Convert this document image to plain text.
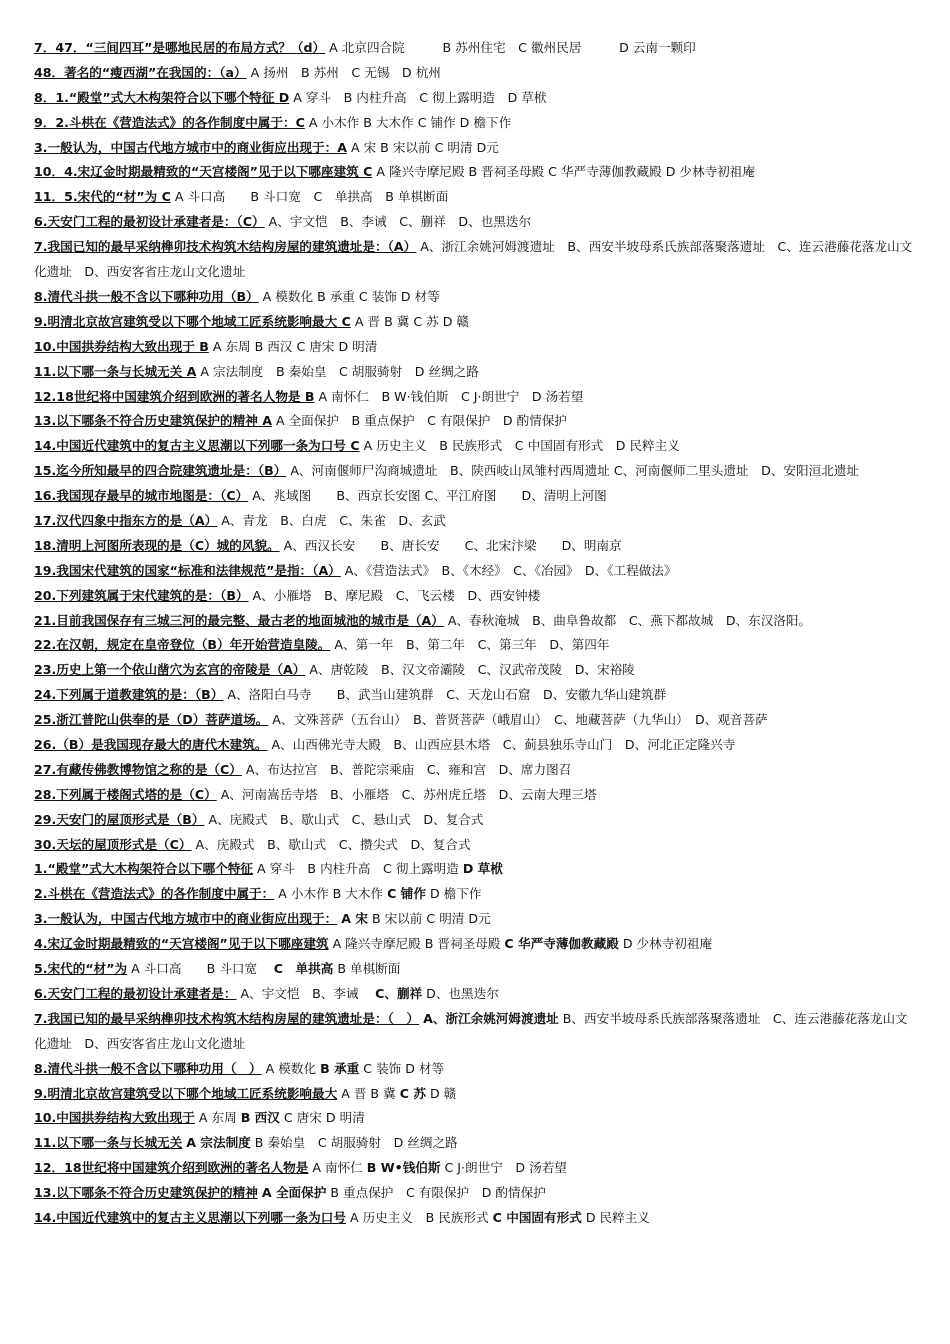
7．47．“三间四耳”是哪地民居的布局方式？（d） A 北京四合院　　　B 苏州住宅　C 徽州民居　　　D 云南一颗印
48．著名的“瘦西湖”在我国的：（a） A 扬州　B 苏州　C 无锡　D 杭州
8．1.“殿堂”式大木构架符合以下哪个特征 D A 穿斗　B 内柱升高　C 彻上露明造　D 草栿
9．2.斗栱在《营造法式》的各作制度中属于：C A 小木作 B 大木作 C 铺作 D 檐下作
3.一般认为，中国古代地方城市中的商业街应出现于：A A 宋 B 宋以前 C 明清 D元
10．4.宋辽金时期最精致的“天宫楼阁”见于以下哪座建筑 C A 隆兴寺摩尼殿 B 晋祠圣母殿 C 华严寺薄伽教藏殿 D 少林寺初祖庵
11．5.宋代的“材”为 C A 斗口高　　B 斗口宽　C　单拱高　B 单棋断面
6.天安门工程的最初设计承建者是：（C） A、宇文恺　B、李诫　C、蒯祥　D、也黑迭尔
7.我国已知的最早采纳榫卯技术构筑木结构房屋的建筑遗址是：（A） A、浙江余姚河姆渡遗址　B、西安半坡母系氏族部落聚落遗址　C、连云港藤花落龙山文化遗址　D、西安客省庄龙山文化遗址
8.清代斗拱一般不含以下哪种功用（B） A 模数化 B 承重 C 装饰 D 材等
9.明清北京故宫建筑受以下哪个地域工匠系统影响最大 C A 晋 B 冀 C 苏 D 赣
10.中国拱券结构大致出现于 B A 东周 B 西汉 C 唐宋 D 明清
11.以下哪一条与长城无关 A A 宗法制度　B 秦始皇　C 胡服骑射　D 丝绸之路
12.18世纪将中国建筑介绍到欧洲的著名人物是 B A 南怀仁　B W·钱伯斯　C J·朗世宁　D 汤若望
13.以下哪条不符合历史建筑保护的精神 A A 全面保护　B 重点保护　C 有限保护　D 酌情保护
14.中国近代建筑中的复古主义思潮以下列哪一条为口号 C A 历史主义　B 民族形式　C 中国固有形式　D 民粹主义
15.迄今所知最早的四合院建筑遗址是：（B） A、河南偃师尸沟商城遗址　B、陕西岐山凤雏村西周遗址 C、河南偃师二里头遗址　D、安阳洹北遗址
16.我国现存最早的城市地图是：（C） A、兆域图　　B、西京长安图 C、平江府图　　D、清明上河图
17.汉代四象中指东方的是（A） A、青龙　B、白虎　C、朱雀　D、玄武
18.清明上河图所表现的是（C）城的风貌。 A、西汉长安　　B、唐长安　　C、北宋汴梁　　D、明南京
19.我国宋代建筑的国家“标准和法律规范”是指：（A） A、《营造法式》　B、《木经》　C、《冶园》　D、《工程做法》
20.下列建筑属于宋代建筑的是：（B） A、小雁塔　B、摩尼殿　C、飞云楼　D、西安钟楼
21.目前我国保存有三城三河的最完整、最古老的地面城池的城市是（A） A、春秋淹城　B、曲阜鲁故都　C、燕下都故城　D、东汉洛阳。
22.在汉朝，规定在皇帝登位（B）年开始营造皇陵。 A、第一年　B、第二年　C、第三年　D、第四年
23.历史上第一个依山凿穴为玄宫的帝陵是（A） A、唐乾陵　B、汉文帝灞陵　C、汉武帝茂陵　D、宋裕陵
24.下列属于道教建筑的是：（B） A、洛阳白马寺　　B、武当山建筑群　C、天龙山石窟　D、安徽九华山建筑群
25.浙江普陀山供奉的是（D）菩萨道场。 A、文殊菩萨（五台山）　B、普贤菩萨（峨眉山）　C、地藏菩萨（九华山）　D、观音菩萨
26.（B）是我国现存最大的唐代木建筑。 A、山西佛光寺大殿　B、山西应县木塔　C、蓟县独乐寺山门　D、河北正定隆兴寺
27.有藏传佛教博物馆之称的是（C） A、布达拉宫　B、普陀宗乘庙　C、雍和宫　D、席力图召
28.下列属于楼阁式塔的是（C） A、河南嵩岳寺塔　B、小雁塔　C、苏州虎丘塔　D、云南大理三塔
29.天安门的屋顶形式是（B） A、庑殿式　B、歇山式　C、悬山式　D、复合式
30.天坛的屋顶形式是（C） A、庑殿式　B、歇山式　C、攒尖式　D、复合式
1.“殿堂”式大木构架符合以下哪个特征 A 穿斗　B 内柱升高　C 彻上露明造 D 草栿
2.斗栱在《营造法式》的各作制度中属于： A 小木作 B 大木作 C 铺作 D 檐下作
3.一般认为，中国古代地方城市中的商业街应出现于： A 宋 B 宋以前 C 明清 D元
4.宋辽金时期最精致的“天宫楼阁”见于以下哪座建筑 A 隆兴寺摩尼殿 B 晋祠圣母殿 C 华严寺薄伽教藏殿 D 少林寺初祖庵
5.宋代的“材”为 A 斗口高　　B 斗口宽　 C　单拱高 B 单棋断面
6.天安门工程的最初设计承建者是： A、宇文恺　B、李诫　 C、蒯祥 D、也黑迭尔
7.我国已知的最早采纳榫卯技术构筑木结构房屋的建筑遗址是：（　） A、浙江余姚河姆渡遗址 B、西安半坡母系氏族部落聚落遗址　C、连云港藤花落龙山文化遗址　D、西安客省庄龙山文化遗址
8.清代斗拱一般不含以下哪种功用（　） A 模数化 B 承重 C 装饰 D 材等
9.明清北京故宫建筑受以下哪个地域工匠系统影响最大 A 晋 B 冀 C 苏 D 赣
10.中国拱券结构大致出现于 A 东周 B 西汉 C 唐宋 D 明清
11.以下哪一条与长城无关 A 宗法制度 B 秦始皇　C 胡服骑射　D 丝绸之路
12．18世纪将中国建筑介绍到欧洲的著名人物是 A 南怀仁 B W•钱伯斯 C J·朗世宁　D 汤若望
13.以下哪条不符合历史建筑保护的精神 A 全面保护 B 重点保护　C 有限保护　D 酌情保护
14.中国近代建筑中的复古主义思潮以下列哪一条为口号 A 历史主义　B 民族形式 C 中国固有形式 D 民粹主义
